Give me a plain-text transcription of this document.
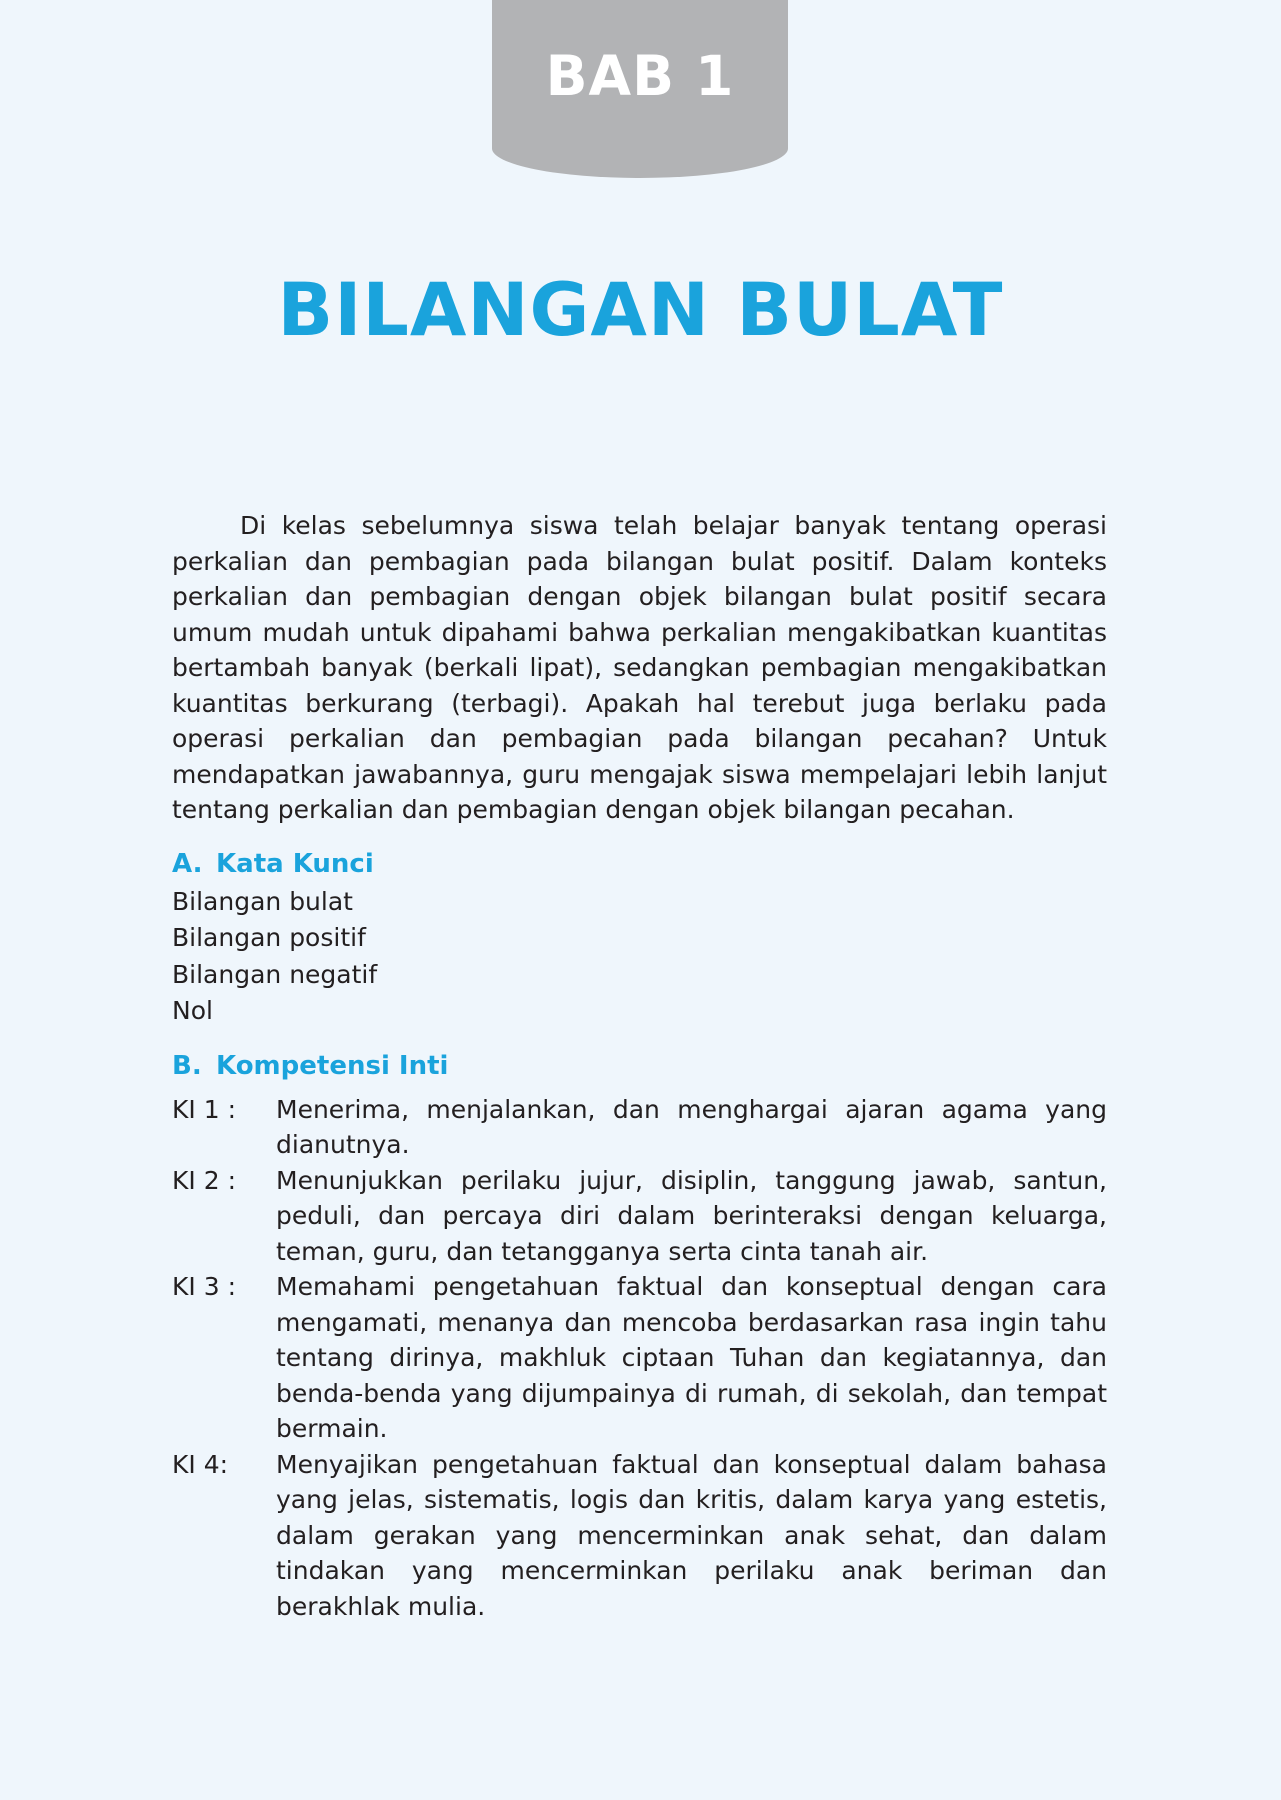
BAB 1
BILANGAN BULAT

Di kelas sebelumnya siswa telah belajar banyak tentang operasi perkalian dan pembagian pada bilangan bulat positif. Dalam konteks perkalian dan pembagian dengan objek bilangan bulat positif secara umum mudah untuk dipahami bahwa perkalian mengakibatkan kuantitas bertambah banyak (berkali lipat), sedangkan pembagian mengakibatkan kuantitas berkurang (terbagi). Apakah hal terebut juga berlaku pada operasi perkalian dan pembagian pada bilangan pecahan? Untuk mendapatkan jawabannya, guru mengajak siswa mempelajari lebih lanjut tentang perkalian dan pembagian dengan objek bilangan pecahan.

A. Kata Kunci
Bilangan bulat
Bilangan positif
Bilangan negatif
Nol
B. Kompetensi Inti
KI 1 :	Menerima, menjalankan, dan menghargai ajaran agama yang dianutnya.
KI 2 :	Menunjukkan perilaku jujur, disiplin, tanggung jawab, santun, peduli, dan percaya diri dalam berinteraksi dengan keluarga, teman, guru, dan tetangganya serta cinta tanah air.
KI 3 :	Memahami pengetahuan faktual dan konseptual dengan cara mengamati, menanya dan mencoba berdasarkan rasa ingin tahu tentang dirinya, makhluk ciptaan Tuhan dan kegiatannya, dan benda-benda yang dijumpainya di rumah, di sekolah, dan tempat bermain.
KI 4:	Menyajikan pengetahuan faktual dan konseptual dalam bahasa yang jelas, sistematis, logis dan kritis, dalam karya yang estetis, dalam gerakan yang mencerminkan anak sehat, dan dalam tindakan yang mencerminkan perilaku anak beriman dan berakhlak mulia.
